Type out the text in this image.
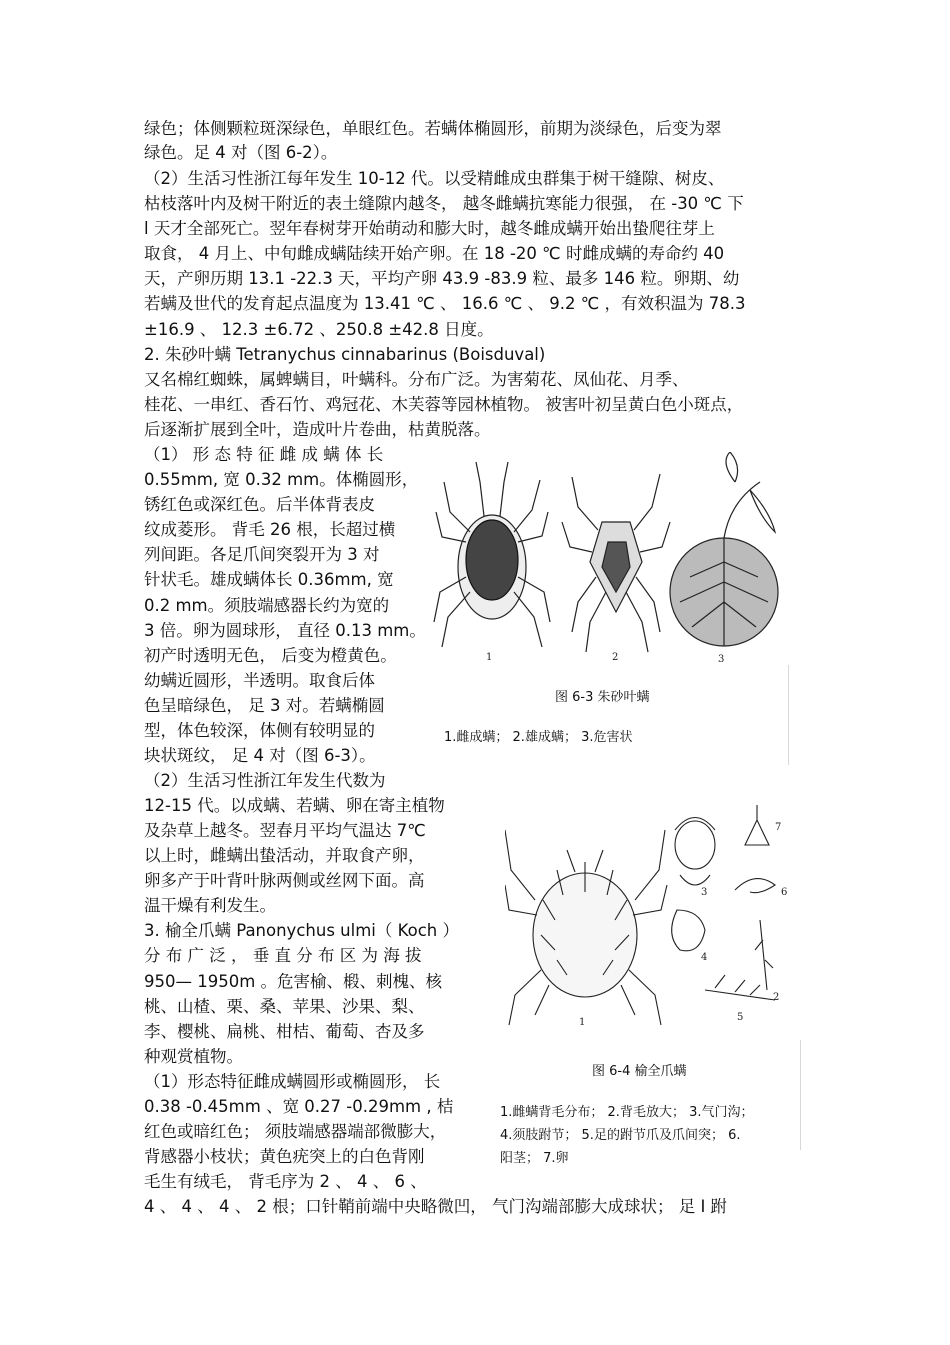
绿色；体侧颗粒斑深绿色，单眼红色。若螨体椭圆形，前期为淡绿色，后变为翠
绿色。足 4 对（图 6-2）。
（2）生活习性浙江每年发生 10-12 代。以受精雌成虫群集于树干缝隙、树皮、
枯枝落叶内及树干附近的表土缝隙内越冬， 越冬雌螨抗寒能力很强， 在 -30 ℃ 下
l 天才全部死亡。翌年春树芽开始萌动和膨大时，越冬雌成螨开始出蛰爬往芽上
取食， 4 月上、中旬雌成螨陆续开始产卵。在 18 -20 ℃ 时雌成螨的寿命约 40
天，产卵历期 13.1 -22.3 天，平均产卵 43.9 -83.9 粒、最多 146 粒。卵期、幼
若螨及世代的发育起点温度为 13.41 ℃ 、 16.6 ℃ 、 9.2 ℃ ，有效积温为 78.3
±16.9 、 12.3 ±6.72 、250.8 ±42.8 日度。
2. 朱砂叶螨 Tetranychus cinnabarinus (Boisduval)
又名棉红蜘蛛，属蜱螨目，叶螨科。分布广泛。为害菊花、凤仙花、月季、
桂花、一串红、香石竹、鸡冠花、木芙蓉等园林植物。 被害叶初呈黄白色小斑点，
后逐渐扩展到全叶，造成叶片卷曲，枯黄脱落。
（1） 形 态 特 征 雌 成 螨 体 长
0.55mm, 宽 0.32 mm。体椭圆形，
锈红色或深红色。后半体背表皮
纹成菱形。 背毛 26 根，长超过横
列间距。各足爪间突裂开为 3 对
针状毛。雄成螨体长 0.36mm, 宽
0.2 mm。须肢端感器长约为宽的
3 倍。卵为圆球形， 直径 0.13 mm。
初产时透明无色， 后变为橙黄色。
幼螨近圆形，半透明。取食后体
色呈暗绿色， 足 3 对。若螨椭圆
型，体色较深，体侧有较明显的
块状斑纹， 足 4 对（图 6-3）。
（2）生活习性浙江年发生代数为
12-15 代。以成螨、若螨、卵在寄主植物
及杂草上越冬。翌春月平均气温达 7℃
以上时，雌螨出蛰活动，并取食产卵，
卵多产于叶背叶脉两侧或丝网下面。高
温干燥有利发生。
3. 榆全爪螨 Panonychus ulmi（ Koch ）
分 布 广 泛 ， 垂 直 分 布 区 为 海 拔
950— 1950m 。危害榆、椴、刺槐、核
桃、山楂、栗、桑、苹果、沙果、梨、
李、樱桃、扁桃、柑桔、葡萄、杏及多
种观赏植物。
（1）形态特征雌成螨圆形或椭圆形， 长
0.38 -0.45mm 、宽 0.27 -0.29mm , 桔
红色或暗红色； 须肢端感器端部微膨大，
背感器小枝状；黄色疣突上的白色背刚
毛生有绒毛， 背毛序为 2 、 4 、 6 、
4 、 4 、 4 、 2 根；口针鞘前端中央略微凹， 气门沟端部膨大成球状； 足 I 跗
1	2	3
图 6-3 朱砂叶螨
1.雌成螨； 2.雄成螨； 3.危害状
1
3
7
6
4
2
5
图 6-4 榆全爪螨
1.雌螨背毛分布； 2.背毛放大； 3.气门沟；
4.须肢跗节； 5.足的跗节爪及爪间突； 6.
阳茎； 7.卵
